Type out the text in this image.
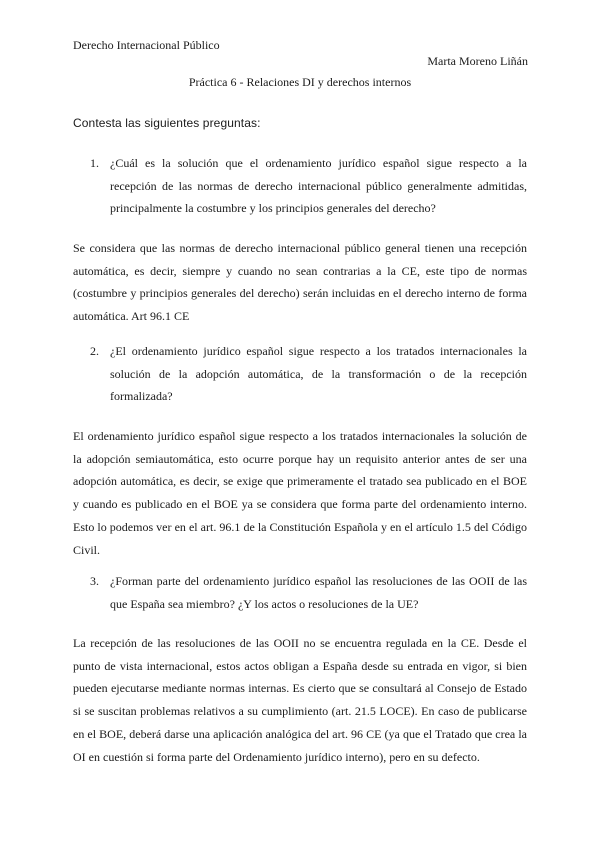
Derecho Internacional Público
Marta Moreno Liñán
Práctica 6 - Relaciones DI y derechos internos
Contesta las siguientes preguntas:
1. ¿Cuál es la solución que el ordenamiento jurídico español sigue respecto a la recepción de las normas de derecho internacional público generalmente admitidas, principalmente la costumbre y los principios generales del derecho?

Se considera que las normas de derecho internacional público general tienen una recepción automática, es decir, siempre y cuando no sean contrarias a la CE, este tipo de normas (costumbre y principios generales del derecho) serán incluidas en el derecho interno de forma automática. Art 96.1 CE

2. ¿El ordenamiento jurídico español sigue respecto a los tratados internacionales la solución de la adopción automática, de la transformación o de la recepción formalizada?

El ordenamiento jurídico español sigue respecto a los tratados internacionales la solución de la adopción semiautomática, esto ocurre porque hay un requisito anterior antes de ser una adopción automática, es decir, se exige que primeramente el tratado sea publicado en el BOE y cuando es publicado en el BOE ya se considera que forma parte del ordenamiento interno. Esto lo podemos ver en el art. 96.1 de la Constitución Española y en el artículo 1.5 del Código Civil.

3. ¿Forman parte del ordenamiento jurídico español las resoluciones de las OOII de las que España sea miembro? ¿Y los actos o resoluciones de la UE?

La recepción de las resoluciones de las OOII no se encuentra regulada en la CE. Desde el punto de vista internacional, estos actos obligan a España desde su entrada en vigor, si bien pueden ejecutarse mediante normas internas. Es cierto que se consultará al Consejo de Estado si se suscitan problemas relativos a su cumplimiento (art. 21.5 LOCE). En caso de publicarse en el BOE, deberá darse una aplicación analógica del art. 96 CE (ya que el Tratado que crea la OI en cuestión si forma parte del Ordenamiento jurídico interno), pero en su defecto.
